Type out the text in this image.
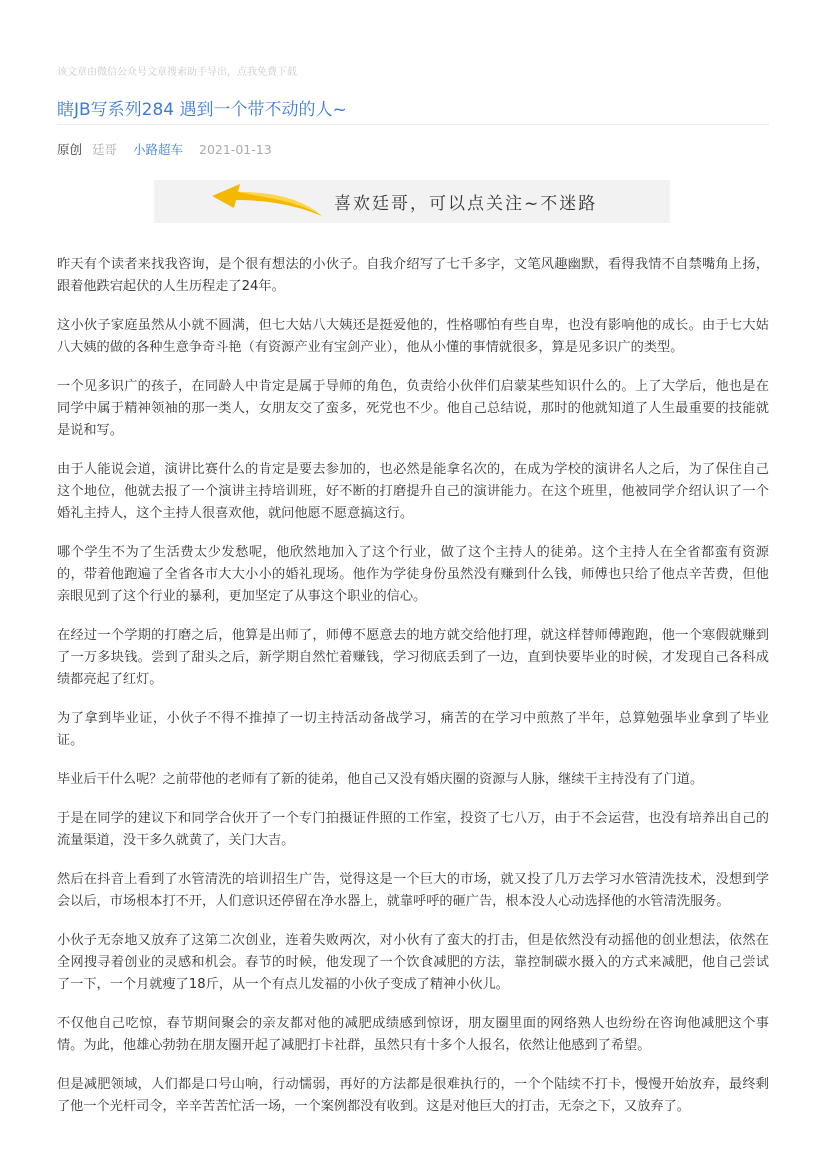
该文章由微信公众号文章搜索助手导出，点我免费下载
瞎JB写系列284 遇到一个带不动的人~
原创 廷哥 小路超车 2021-01-13
喜欢廷哥，可以点关注~不迷路

昨天有个读者来找我咨询，是个很有想法的小伙子。自我介绍写了七千多字，文笔风趣幽默，看得我情不自禁嘴角上扬，跟着他跌宕起伏的人生历程走了24年。

这小伙子家庭虽然从小就不圆满，但七大姑八大姨还是挺爱他的，性格哪怕有些自卑，也没有影响他的成长。由于七大姑八大姨的做的各种生意争奇斗艳（有资源产业有宝剑产业），他从小懂的事情就很多，算是见多识广的类型。

一个见多识广的孩子，在同龄人中肯定是属于导师的角色，负责给小伙伴们启蒙某些知识什么的。上了大学后，他也是在同学中属于精神领袖的那一类人，女朋友交了蛮多，死党也不少。他自己总结说，那时的他就知道了人生最重要的技能就是说和写。

由于人能说会道，演讲比赛什么的肯定是要去参加的，也必然是能拿名次的，在成为学校的演讲名人之后，为了保住自己这个地位，他就去报了一个演讲主持培训班，好不断的打磨提升自己的演讲能力。在这个班里，他被同学介绍认识了一个婚礼主持人，这个主持人很喜欢他，就问他愿不愿意搞这行。

哪个学生不为了生活费太少发愁呢，他欣然地加入了这个行业，做了这个主持人的徒弟。这个主持人在全省都蛮有资源的，带着他跑遍了全省各市大大小小的婚礼现场。他作为学徒身份虽然没有赚到什么钱，师傅也只给了他点辛苦费，但他亲眼见到了这个行业的暴利，更加坚定了从事这个职业的信心。

在经过一个学期的打磨之后，他算是出师了，师傅不愿意去的地方就交给他打理，就这样替师傅跑跑，他一个寒假就赚到了一万多块钱。尝到了甜头之后，新学期自然忙着赚钱，学习彻底丢到了一边，直到快要毕业的时候，才发现自己各科成绩都亮起了红灯。

为了拿到毕业证，小伙子不得不推掉了一切主持活动备战学习，痛苦的在学习中煎熬了半年，总算勉强毕业拿到了毕业证。

毕业后干什么呢？之前带他的老师有了新的徒弟，他自己又没有婚庆圈的资源与人脉，继续干主持没有了门道。

于是在同学的建议下和同学合伙开了一个专门拍摄证件照的工作室，投资了七八万，由于不会运营，也没有培养出自己的流量渠道，没干多久就黄了，关门大吉。

然后在抖音上看到了水管清洗的培训招生广告，觉得这是一个巨大的市场，就又投了几万去学习水管清洗技术，没想到学会以后，市场根本打不开，人们意识还停留在净水器上，就靠呼呼的砸广告，根本没人心动选择他的水管清洗服务。

小伙子无奈地又放弃了这第二次创业，连着失败两次，对小伙有了蛮大的打击，但是依然没有动摇他的创业想法，依然在全网搜寻着创业的灵感和机会。春节的时候，他发现了一个饮食减肥的方法，靠控制碳水摄入的方式来减肥，他自己尝试了一下，一个月就瘦了18斤，从一个有点儿发福的小伙子变成了精神小伙儿。

不仅他自己吃惊，春节期间聚会的亲友都对他的减肥成绩感到惊讶，朋友圈里面的网络熟人也纷纷在咨询他减肥这个事情。为此，他雄心勃勃在朋友圈开起了减肥打卡社群，虽然只有十多个人报名，依然让他感到了希望。

但是减肥领域，人们都是口号山响，行动懦弱，再好的方法都是很难执行的，一个个陆续不打卡，慢慢开始放弃，最终剩了他一个光杆司令，辛辛苦苦忙活一场，一个案例都没有收到。这是对他巨大的打击，无奈之下，又放弃了。
